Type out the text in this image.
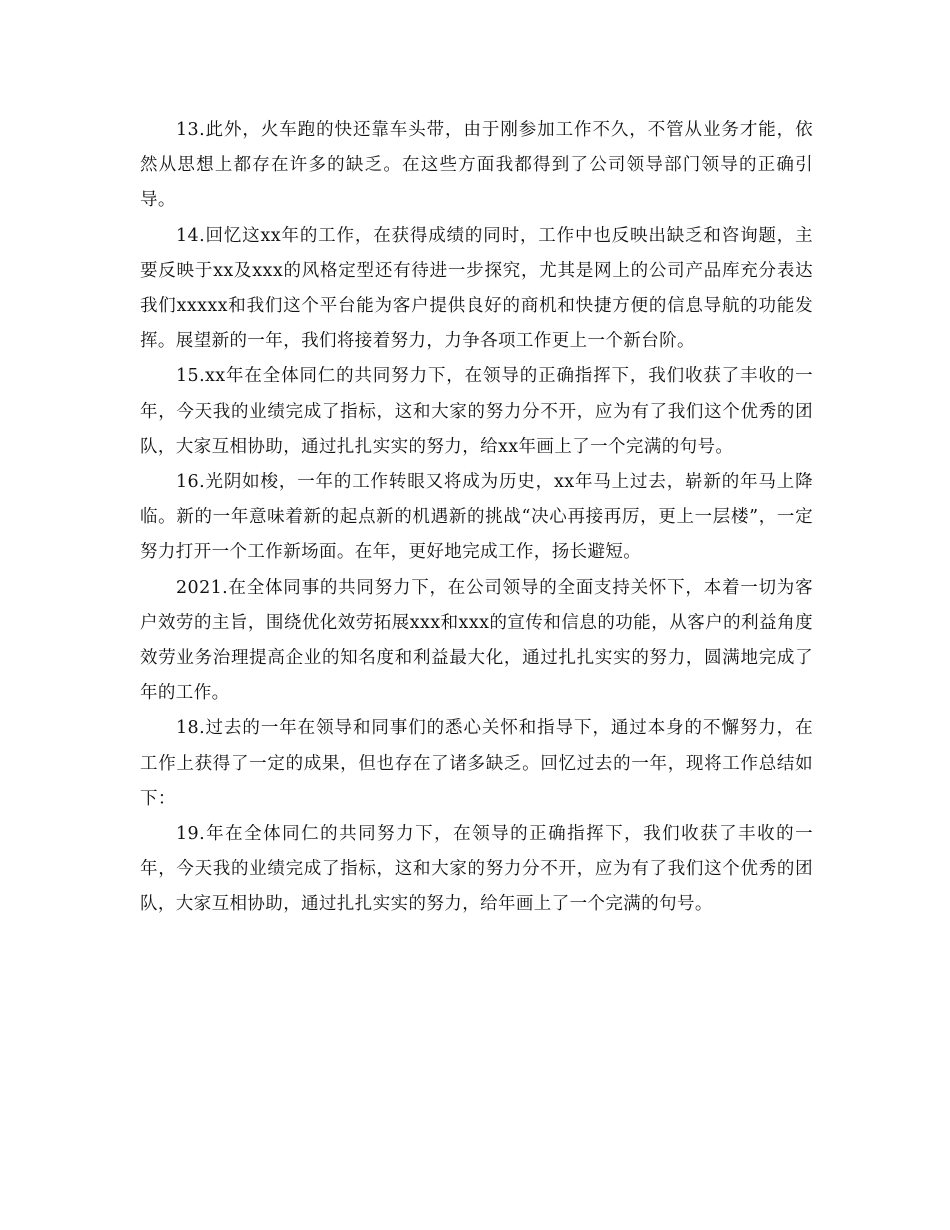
13.此外，火车跑的快还靠车头带，由于刚参加工作不久，不管从业务才能，依然从思想上都存在许多的缺乏。在这些方面我都得到了公司领导部门领导的正确引导。

14.回忆这xx年的工作，在获得成绩的同时，工作中也反映出缺乏和咨询题，主要反映于xx及xxx的风格定型还有待进一步探究，尤其是网上的公司产品库充分表达我们xxxxx和我们这个平台能为客户提供良好的商机和快捷方便的信息导航的功能发挥。展望新的一年，我们将接着努力，力争各项工作更上一个新台阶。

15.xx年在全体同仁的共同努力下，在领导的正确指挥下，我们收获了丰收的一年，今天我的业绩完成了指标，这和大家的努力分不开，应为有了我们这个优秀的团队，大家互相协助，通过扎扎实实的努力，给xx年画上了一个完满的句号。

16.光阴如梭，一年的工作转眼又将成为历史，xx年马上过去，崭新的年马上降临。新的一年意味着新的起点新的机遇新的挑战“决心再接再厉，更上一层楼”，一定努力打开一个工作新场面。在年，更好地完成工作，扬长避短。

2021.在全体同事的共同努力下，在公司领导的全面支持关怀下，本着一切为客户效劳的主旨，围绕优化效劳拓展xxx和xxx的宣传和信息的功能，从客户的利益角度效劳业务治理提高企业的知名度和利益最大化，通过扎扎实实的努力，圆满地完成了年的工作。

18.过去的一年在领导和同事们的悉心关怀和指导下，通过本身的不懈努力，在工作上获得了一定的成果，但也存在了诸多缺乏。回忆过去的一年，现将工作总结如下：

19.年在全体同仁的共同努力下，在领导的正确指挥下，我们收获了丰收的一年，今天我的业绩完成了指标，这和大家的努力分不开，应为有了我们这个优秀的团队，大家互相协助，通过扎扎实实的努力，给年画上了一个完满的句号。
